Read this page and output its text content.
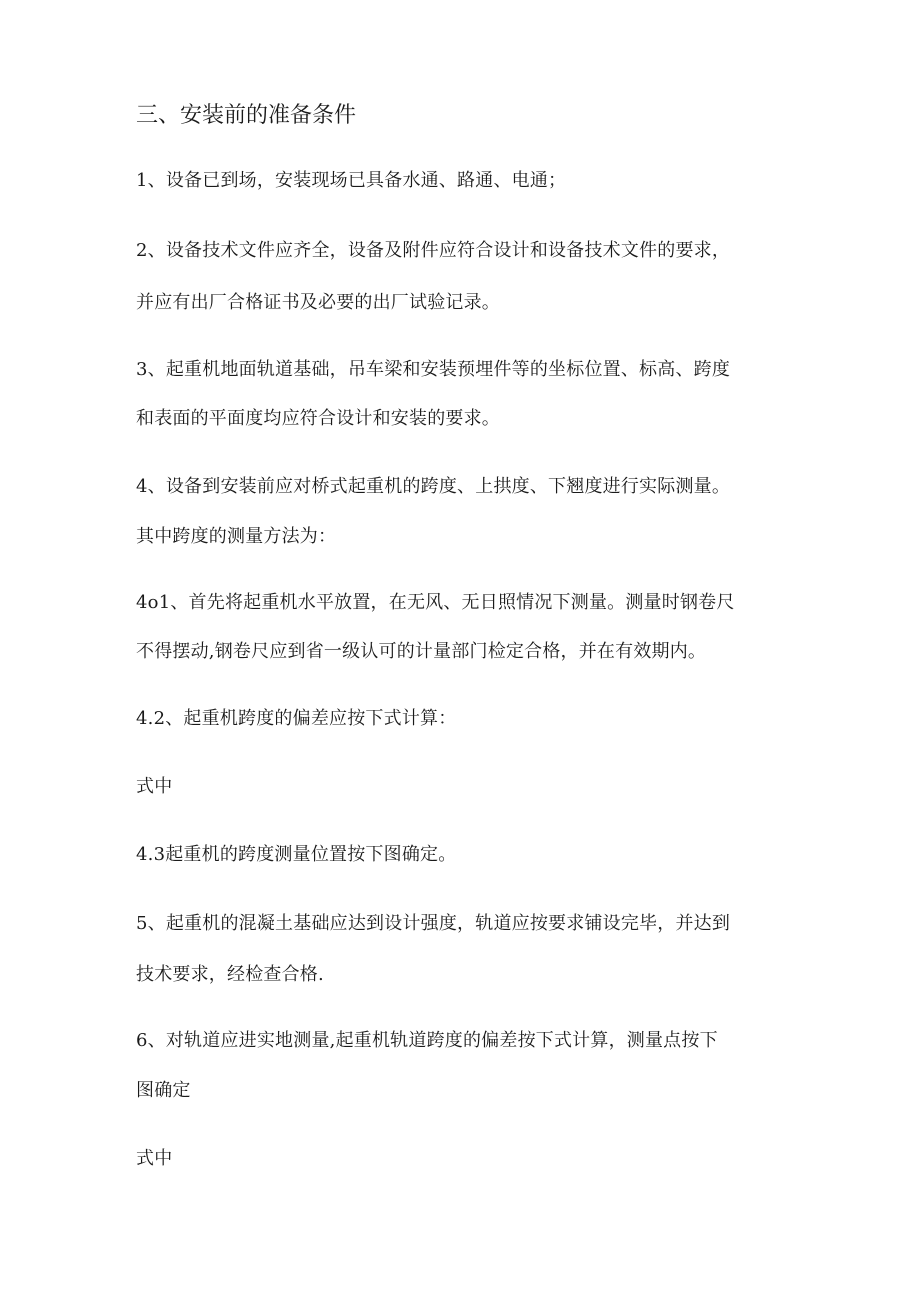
三、安装前的准备条件
1、设备已到场，安装现场已具备水通、路通、电通；
2、设备技术文件应齐全，设备及附件应符合设计和设备技术文件的要求，
并应有出厂合格证书及必要的出厂试验记录。
3、起重机地面轨道基础，吊车梁和安装预埋件等的坐标位置、标高、跨度
和表面的平面度均应符合设计和安装的要求。
4、设备到安装前应对桥式起重机的跨度、上拱度、下翘度进行实际测量。
其中跨度的测量方法为：
4o1、首先将起重机水平放置，在无风、无日照情况下测量。测量时钢卷尺
不得摆动,钢卷尺应到省一级认可的计量部门检定合格，并在有效期内。
4.2、起重机跨度的偏差应按下式计算：
式中
4.3起重机的跨度测量位置按下图确定。
5、起重机的混凝土基础应达到设计强度，轨道应按要求铺设完毕，并达到
技术要求，经检查合格.
6、对轨道应进实地测量,起重机轨道跨度的偏差按下式计算，测量点按下
图确定
式中
